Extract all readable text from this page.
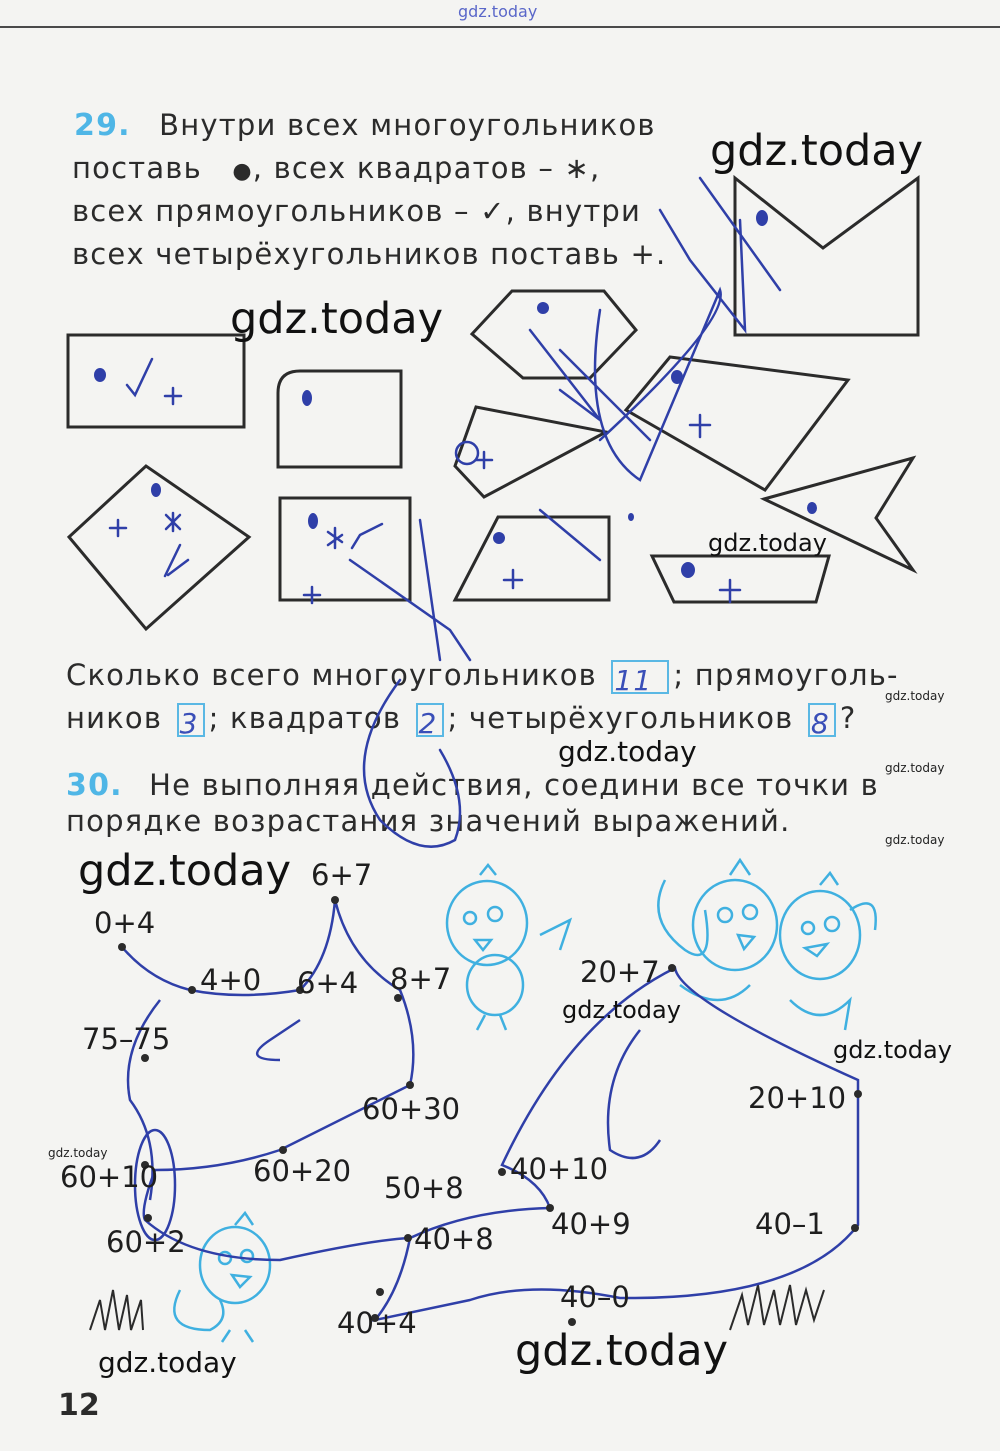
gdz.today
29. Внутри всех многоугольников
поставь ●, всех квадратов – ∗,
всех прямоугольников – ✓, внутри
всех четырёхугольников поставь +.
Сколько всего многоугольников 11 ; прямоуголь-
ников 3 ; квадратов 2 ; четырёхугольников 8 ?
30. Не выполняя действия, соедини все точки в
порядке возрастания значений выражений.
0+4
4+0
6+7
6+4 8+7	20+7
75–75
20+10
60+30
60+10	60+20	40+10
50+8
40+9	40–1
60+2	40+8
40–0
40+4
gdz.today
gdz.today
gdz.today
gdz.today
gdz.today	gdz.today
gdz.today
gdz.today
gdz.today
gdz.today
gdz.today
gdz.today	gdz.today
12
